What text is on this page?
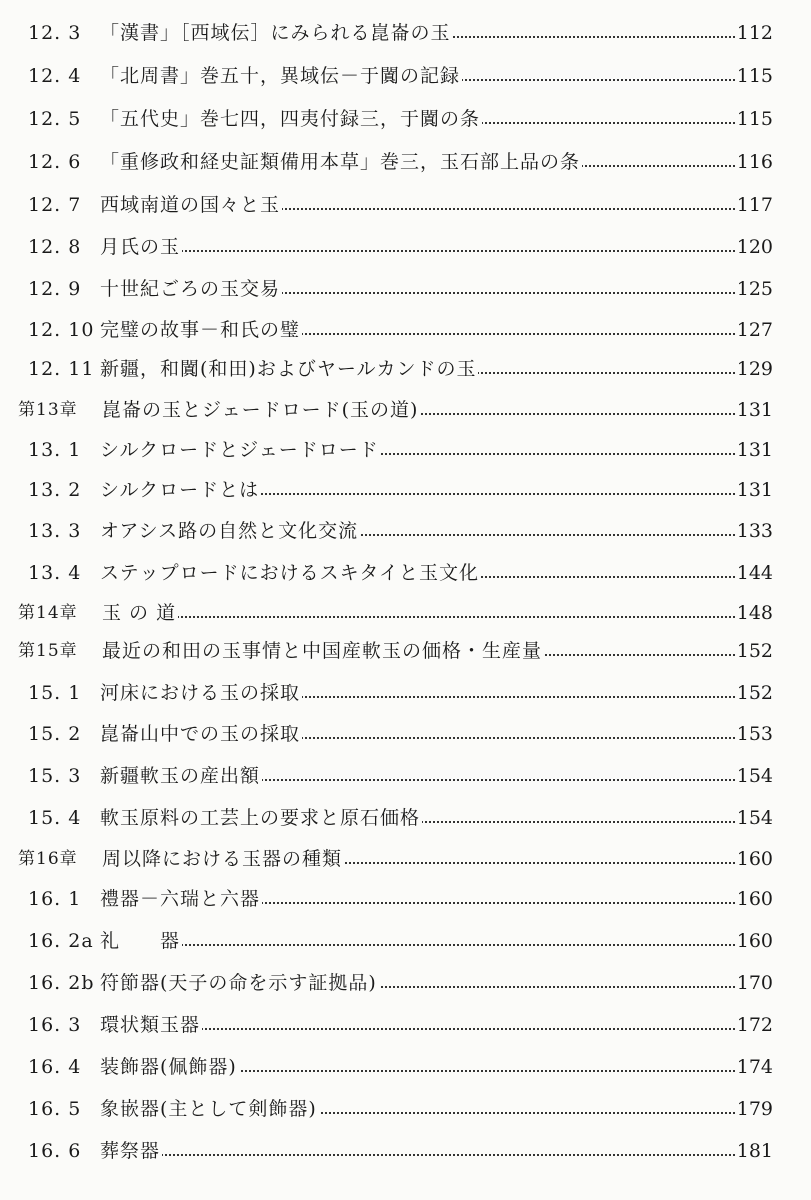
12. 3 「漢書」［西域伝］にみられる崑崙の玉	112
12. 4 「北周書」巻五十，異域伝－于闐の記録	115
12. 5 「五代史」巻七四，四夷付録三，于闐の条	115
12. 6 「重修政和経史証類備用本草」巻三，玉石部上品の条	116
12. 7 西域南道の国々と玉	117
12. 8 月氏の玉	120
12. 9 十世紀ごろの玉交易	125
12. 10 完璧の故事－和氏の璧	127
12. 11 新疆，和闐(和田)およびヤールカンドの玉	129
第13章 崑崙の玉とジェードロード(玉の道)	131
13. 1 シルクロードとジェードロード	131
13. 2 シルクロードとは	131
13. 3 オアシス路の自然と文化交流	133
13. 4 ステップロードにおけるスキタイと玉文化	144
第14章 玉 の 道	148
第15章 最近の和田の玉事情と中国産軟玉の価格・生産量	152
15. 1 河床における玉の採取	152
15. 2 崑崙山中での玉の採取	153
15. 3 新疆軟玉の産出額	154
15. 4 軟玉原料の工芸上の要求と原石価格	154
第16章 周以降における玉器の種類	160
16. 1 禮器－六瑞と六器	160
16. 2a 礼　　器	160
16. 2b 符節器(天子の命を示す証拠品)	170
16. 3 環状類玉器	172
16. 4 装飾器(佩飾器)	174
16. 5 象嵌器(主として剣飾器)	179
16. 6 葬祭器	181
